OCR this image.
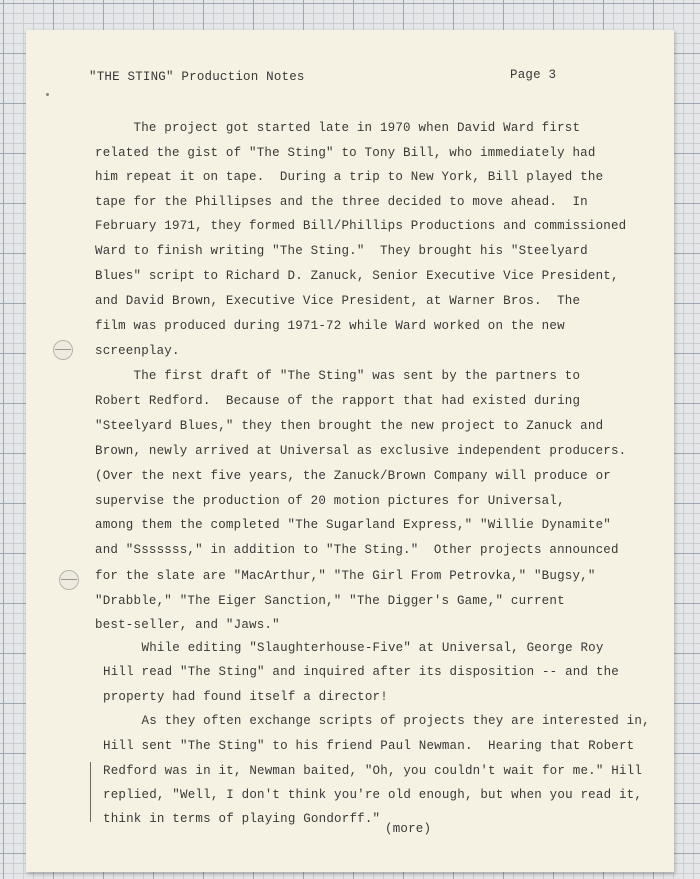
"THE STING" Production Notes	Page 3
The project got started late in 1970 when David Ward first
related the gist of "The Sting" to Tony Bill, who immediately had
him repeat it on tape.  During a trip to New York, Bill played the
tape for the Phillipses and the three decided to move ahead.  In
February 1971, they formed Bill/Phillips Productions and commissioned
Ward to finish writing "The Sting."  They brought his "Steelyard
Blues" script to Richard D. Zanuck, Senior Executive Vice President,
and David Brown, Executive Vice President, at Warner Bros.  The
film was produced during 1971-72 while Ward worked on the new
screenplay.
The first draft of "The Sting" was sent by the partners to
Robert Redford.  Because of the rapport that had existed during
"Steelyard Blues," they then brought the new project to Zanuck and
Brown, newly arrived at Universal as exclusive independent producers.
(Over the next five years, the Zanuck/Brown Company will produce or
supervise the production of 20 motion pictures for Universal,
among them the completed "The Sugarland Express," "Willie Dynamite"
and "Sssssss," in addition to "The Sting."  Other projects announced
for the slate are "MacArthur," "The Girl From Petrovka," "Bugsy,"
"Drabble," "The Eiger Sanction," "The Digger's Game," current
best-seller, and "Jaws."
While editing "Slaughterhouse-Five" at Universal, George Roy
Hill read "The Sting" and inquired after its disposition -- and the
property had found itself a director!
As they often exchange scripts of projects they are interested in,
Hill sent "The Sting" to his friend Paul Newman.  Hearing that Robert
Redford was in it, Newman baited, "Oh, you couldn't wait for me." Hill
replied, "Well, I don't think you're old enough, but when you read it,
think in terms of playing Gondorff."
(more)
